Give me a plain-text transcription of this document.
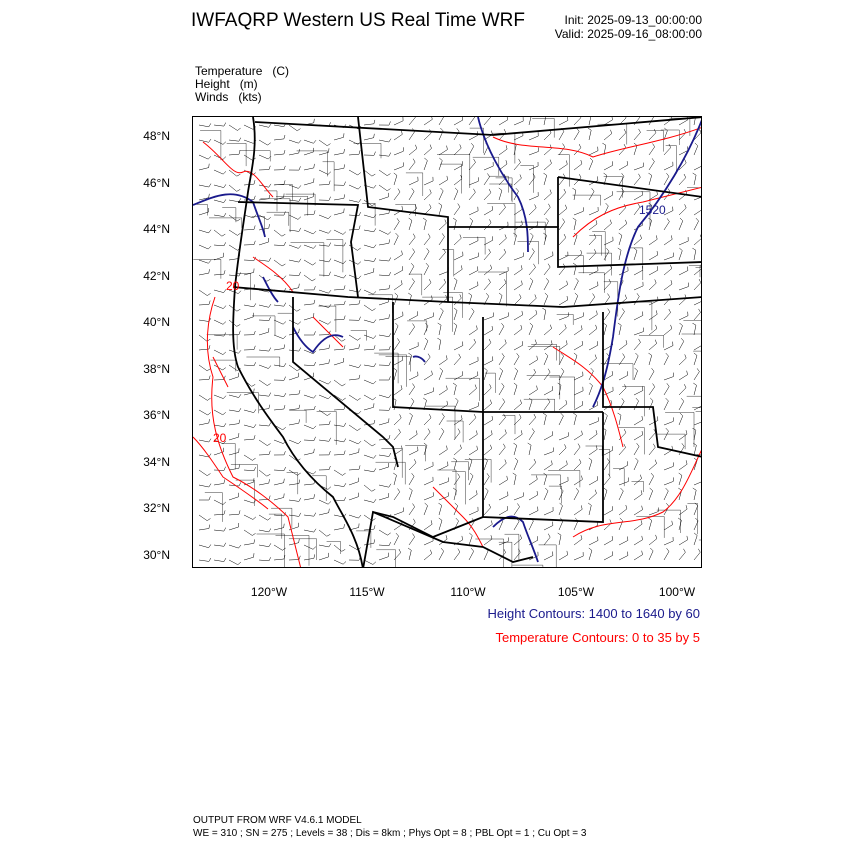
IWFAQRP Western US Real Time WRF	Init: 2025-09-13_00:00:00
Valid: 2025-09-16_08:00:00
Temperature (C)
Height (m)
Winds (kts)
1520
20
20
48°N
46°N
44°N
42°N
40°N
38°N
36°N
34°N
32°N
30°N
120°W	115°W	110°W	105°W	100°W
Height Contours: 1400 to 1640 by 60
Temperature Contours: 0 to 35 by 5
OUTPUT FROM WRF V4.6.1 MODEL
WE = 310 ; SN = 275 ; Levels = 38 ; Dis = 8km ; Phys Opt = 8 ; PBL Opt = 1 ; Cu Opt = 3
